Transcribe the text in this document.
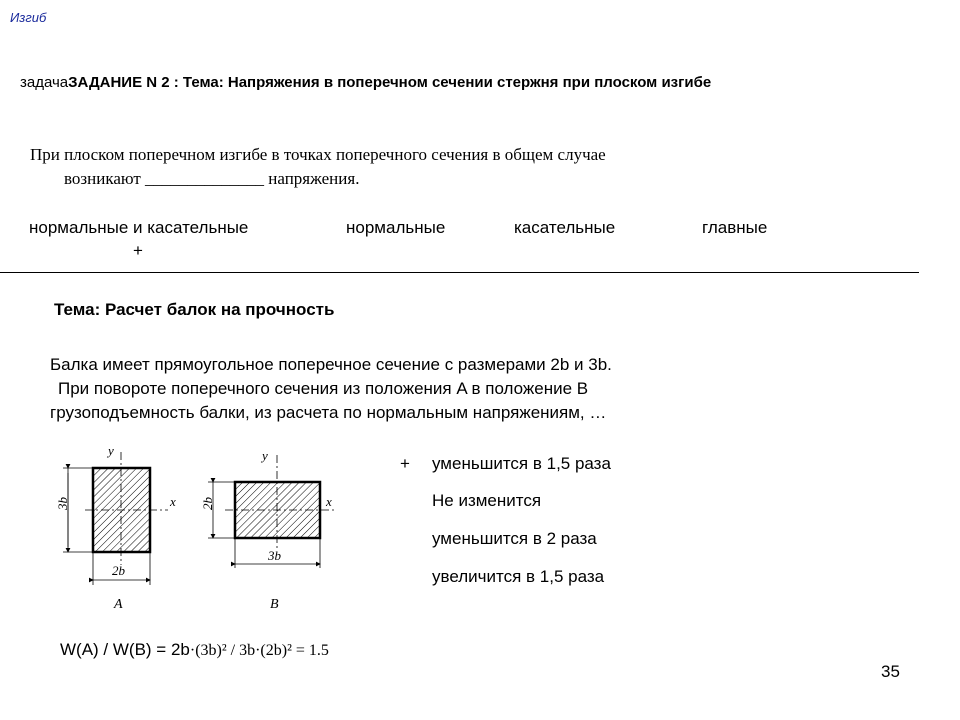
Изгиб
задачаЗАДАНИЕ N 2 : Тема: Напряжения в поперечном сечении стержня при плоском изгибе
При плоском поперечном изгибе в точках поперечного сечения в общем случае
возникают ______________ напряжения.
нормальные и касательные	нормальные	касательные	главные
+
Тема: Расчет балок на прочность
Балка имеет прямоугольное поперечное сечение с размерами 2b и 3b.
При повороте поперечного сечения из положения A в положение B
грузоподъемность балки, из расчета по нормальным напряжениям, …
y
x
3b
2b
A
y
x
2b
3b
B
+ уменьшится в 1,5 раза
Не изменится
уменьшится в 2 раза
увеличится в 1,5 раза
W(A) / W(B) = 2b·(3b)² / 3b·(2b)² = 1.5
35
